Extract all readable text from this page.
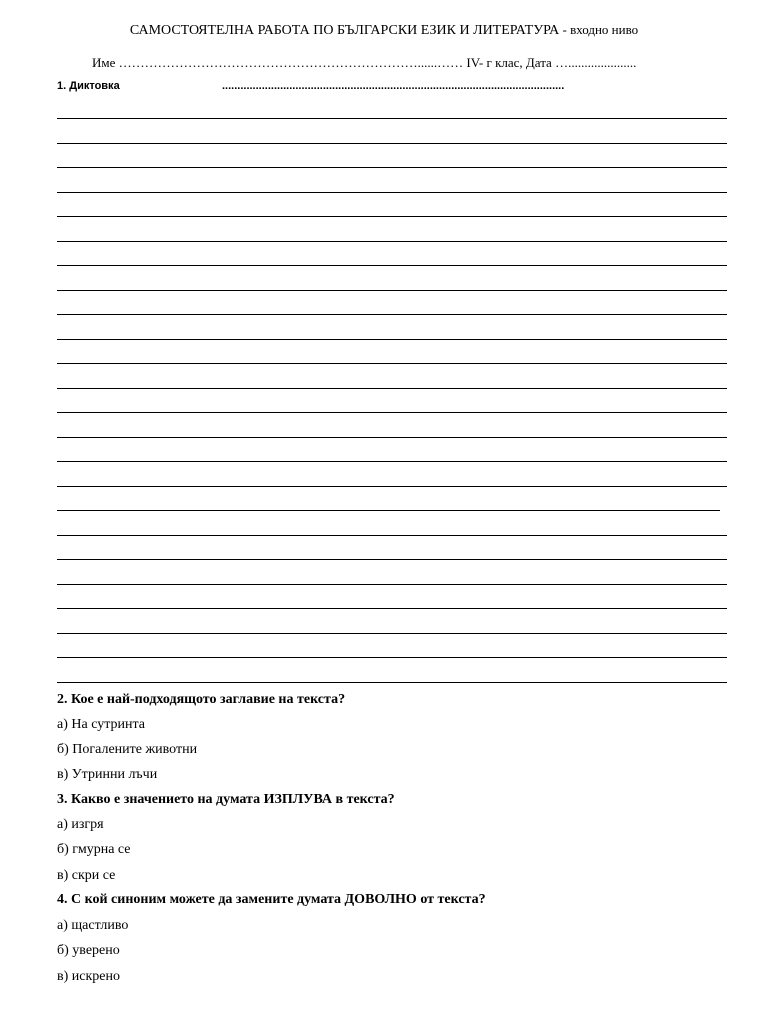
САМОСТОЯТЕЛНА РАБОТА ПО БЪЛГАРСКИ ЕЗИК И ЛИТЕРАТУРА - входно ниво
Име ……………………………………………………………......…… IV- г клас, Дата ….....................
1. Диктовка	................................................................................................................
2. Кое е най-подходящото заглавие на текста?
а) На сутринта
б) Погалените животни
в) Утринни лъчи
3. Какво е значението на думата ИЗПЛУВА в текста?
а) изгря
б) гмурна се
в) скри се
4. С кой синоним можете да замените думата ДОВОЛНО от текста?
а) щастливо
б) уверено
в) искрено
